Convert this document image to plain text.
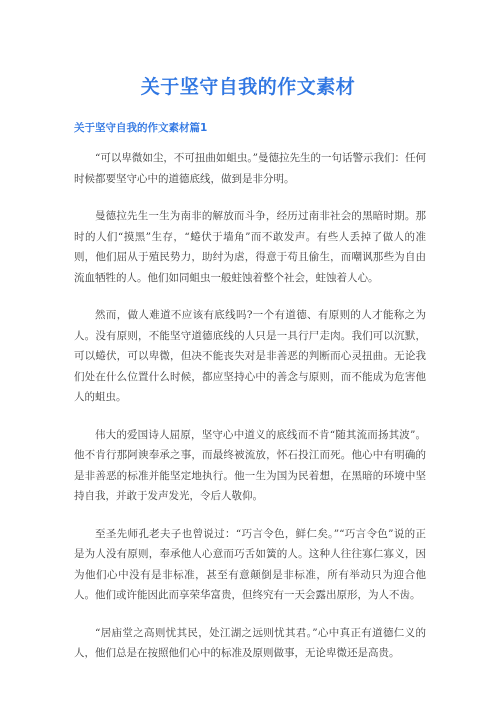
关于坚守自我的作文素材
关于坚守自我的作文素材篇1

“可以卑微如尘，不可扭曲如蛆虫。”曼德拉先生的一句话警示我们：任何时候都要坚守心中的道德底线，做到是非分明。

曼德拉先生一生为南非的解放而斗争，经历过南非社会的黑暗时期。那时的人们“摸黑”生存，“蜷伏于墙角”而不敢发声。有些人丢掉了做人的准则，他们屈从于殖民势力，助纣为虐，得意于苟且偷生，而嘲讽那些为自由流血牺牲的人。他们如同蛆虫一般蛀蚀着整个社会，蛀蚀着人心。

然而，做人难道不应该有底线吗?一个有道德、有原则的人才能称之为人。没有原则，不能坚守道德底线的人只是一具行尸走肉。我们可以沉默，可以蜷伏，可以卑微，但决不能丧失对是非善恶的判断而心灵扭曲。无论我们处在什么位置什么时候，都应坚持心中的善念与原则，而不能成为危害他人的蛆虫。

伟大的爱国诗人屈原，坚守心中道义的底线而不肯“随其流而扬其波”。他不肯行那阿谀奉承之事，而最终被流放，怀石投江而死。他心中有明确的是非善恶的标准并能坚定地执行。他一生为国为民着想，在黑暗的环境中坚持自我，并敢于发声发光，令后人敬仰。

至圣先师孔老夫子也曾说过：“巧言令色，鲜仁矣。”“巧言令色”说的正是为人没有原则，奉承他人心意而巧舌如簧的人。这种人往往寡仁寡义，因为他们心中没有是非标准，甚至有意颠倒是非标准，所有举动只为迎合他人。他们或许能因此而享荣华富贵，但终究有一天会露出原形，为人不齿。

“居庙堂之高则忧其民，处江湖之远则忧其君。”心中真正有道德仁义的人，他们总是在按照他们心中的标准及原则做事，无论卑微还是高贵。
